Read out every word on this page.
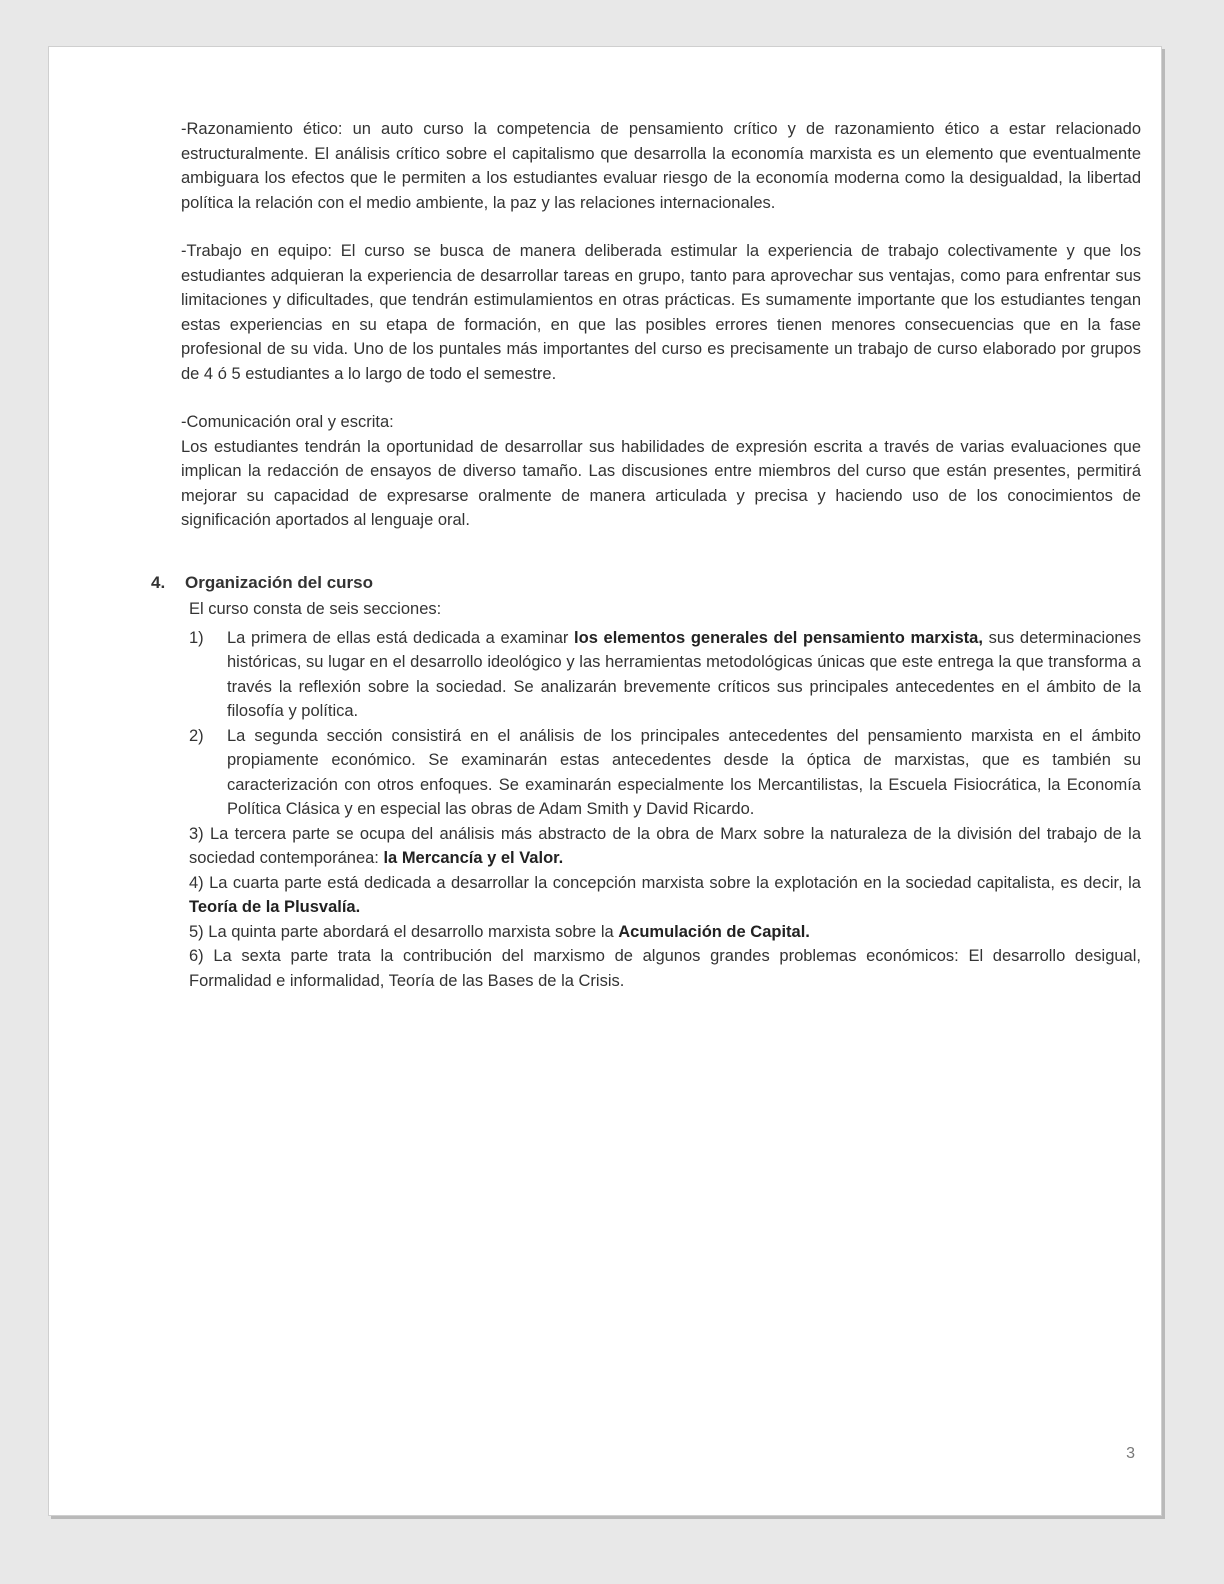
-Razonamiento ético: un auto curso la competencia de pensamiento crítico y de razonamiento ético a estar relacionado estructuralmente. El análisis crítico sobre el capitalismo que desarrolla la economía marxista es un elemento que eventualmente ambiguara los efectos que le permiten a los estudiantes evaluar riesgo de la economía moderna como la desigualdad, la libertad política la relación con el medio ambiente, la paz y las relaciones internacionales.

-Trabajo en equipo: El curso se busca de manera deliberada estimular la experiencia de trabajo colectivamente y que los estudiantes adquieran la experiencia de desarrollar tareas en grupo, tanto para aprovechar sus ventajas, como para enfrentar sus limitaciones y dificultades, que tendrán estimulamientos en otras prácticas. Es sumamente importante que los estudiantes tengan estas experiencias en su etapa de formación, en que las posibles errores tienen menores consecuencias que en la fase profesional de su vida. Uno de los puntales más importantes del curso es precisamente un trabajo de curso elaborado por grupos de 4 ó 5 estudiantes a lo largo de todo el semestre.

-Comunicación oral y escrita:
Los estudiantes tendrán la oportunidad de desarrollar sus habilidades de expresión escrita a través de varias evaluaciones que implican la redacción de ensayos de diverso tamaño. Las discusiones entre miembros del curso que están presentes, permitirá mejorar su capacidad de expresarse oralmente de manera articulada y precisa y haciendo uso de los conocimientos de significación aportados al lenguaje oral.

4. Organización del curso
El curso consta de seis secciones:

1) La primera de ellas está dedicada a examinar los elementos generales del pensamiento marxista, sus determinaciones históricas, su lugar en el desarrollo ideológico y las herramientas metodológicas únicas que este entrega la que transforma a través la reflexión sobre la sociedad. Se analizarán brevemente críticos sus principales antecedentes en el ámbito de la filosofía y política.

2) La segunda sección consistirá en el análisis de los principales antecedentes del pensamiento marxista en el ámbito propiamente económico. Se examinarán estas antecedentes desde la óptica de marxistas, que es también su caracterización con otros enfoques. Se examinarán especialmente los Mercantilistas, la Escuela Fisiocrática, la Economía Política Clásica y en especial las obras de Adam Smith y David Ricardo.

3) La tercera parte se ocupa del análisis más abstracto de la obra de Marx sobre la naturaleza de la división del trabajo de la sociedad contemporánea: la Mercancía y el Valor.

4) La cuarta parte está dedicada a desarrollar la concepción marxista sobre la explotación en la sociedad capitalista, es decir, la Teoría de la Plusvalía.

5) La quinta parte abordará el desarrollo marxista sobre la Acumulación de Capital.

6) La sexta parte trata la contribución del marxismo de algunos grandes problemas económicos: El desarrollo desigual, Formalidad e informalidad, Teoría de las Bases de la Crisis.

3
